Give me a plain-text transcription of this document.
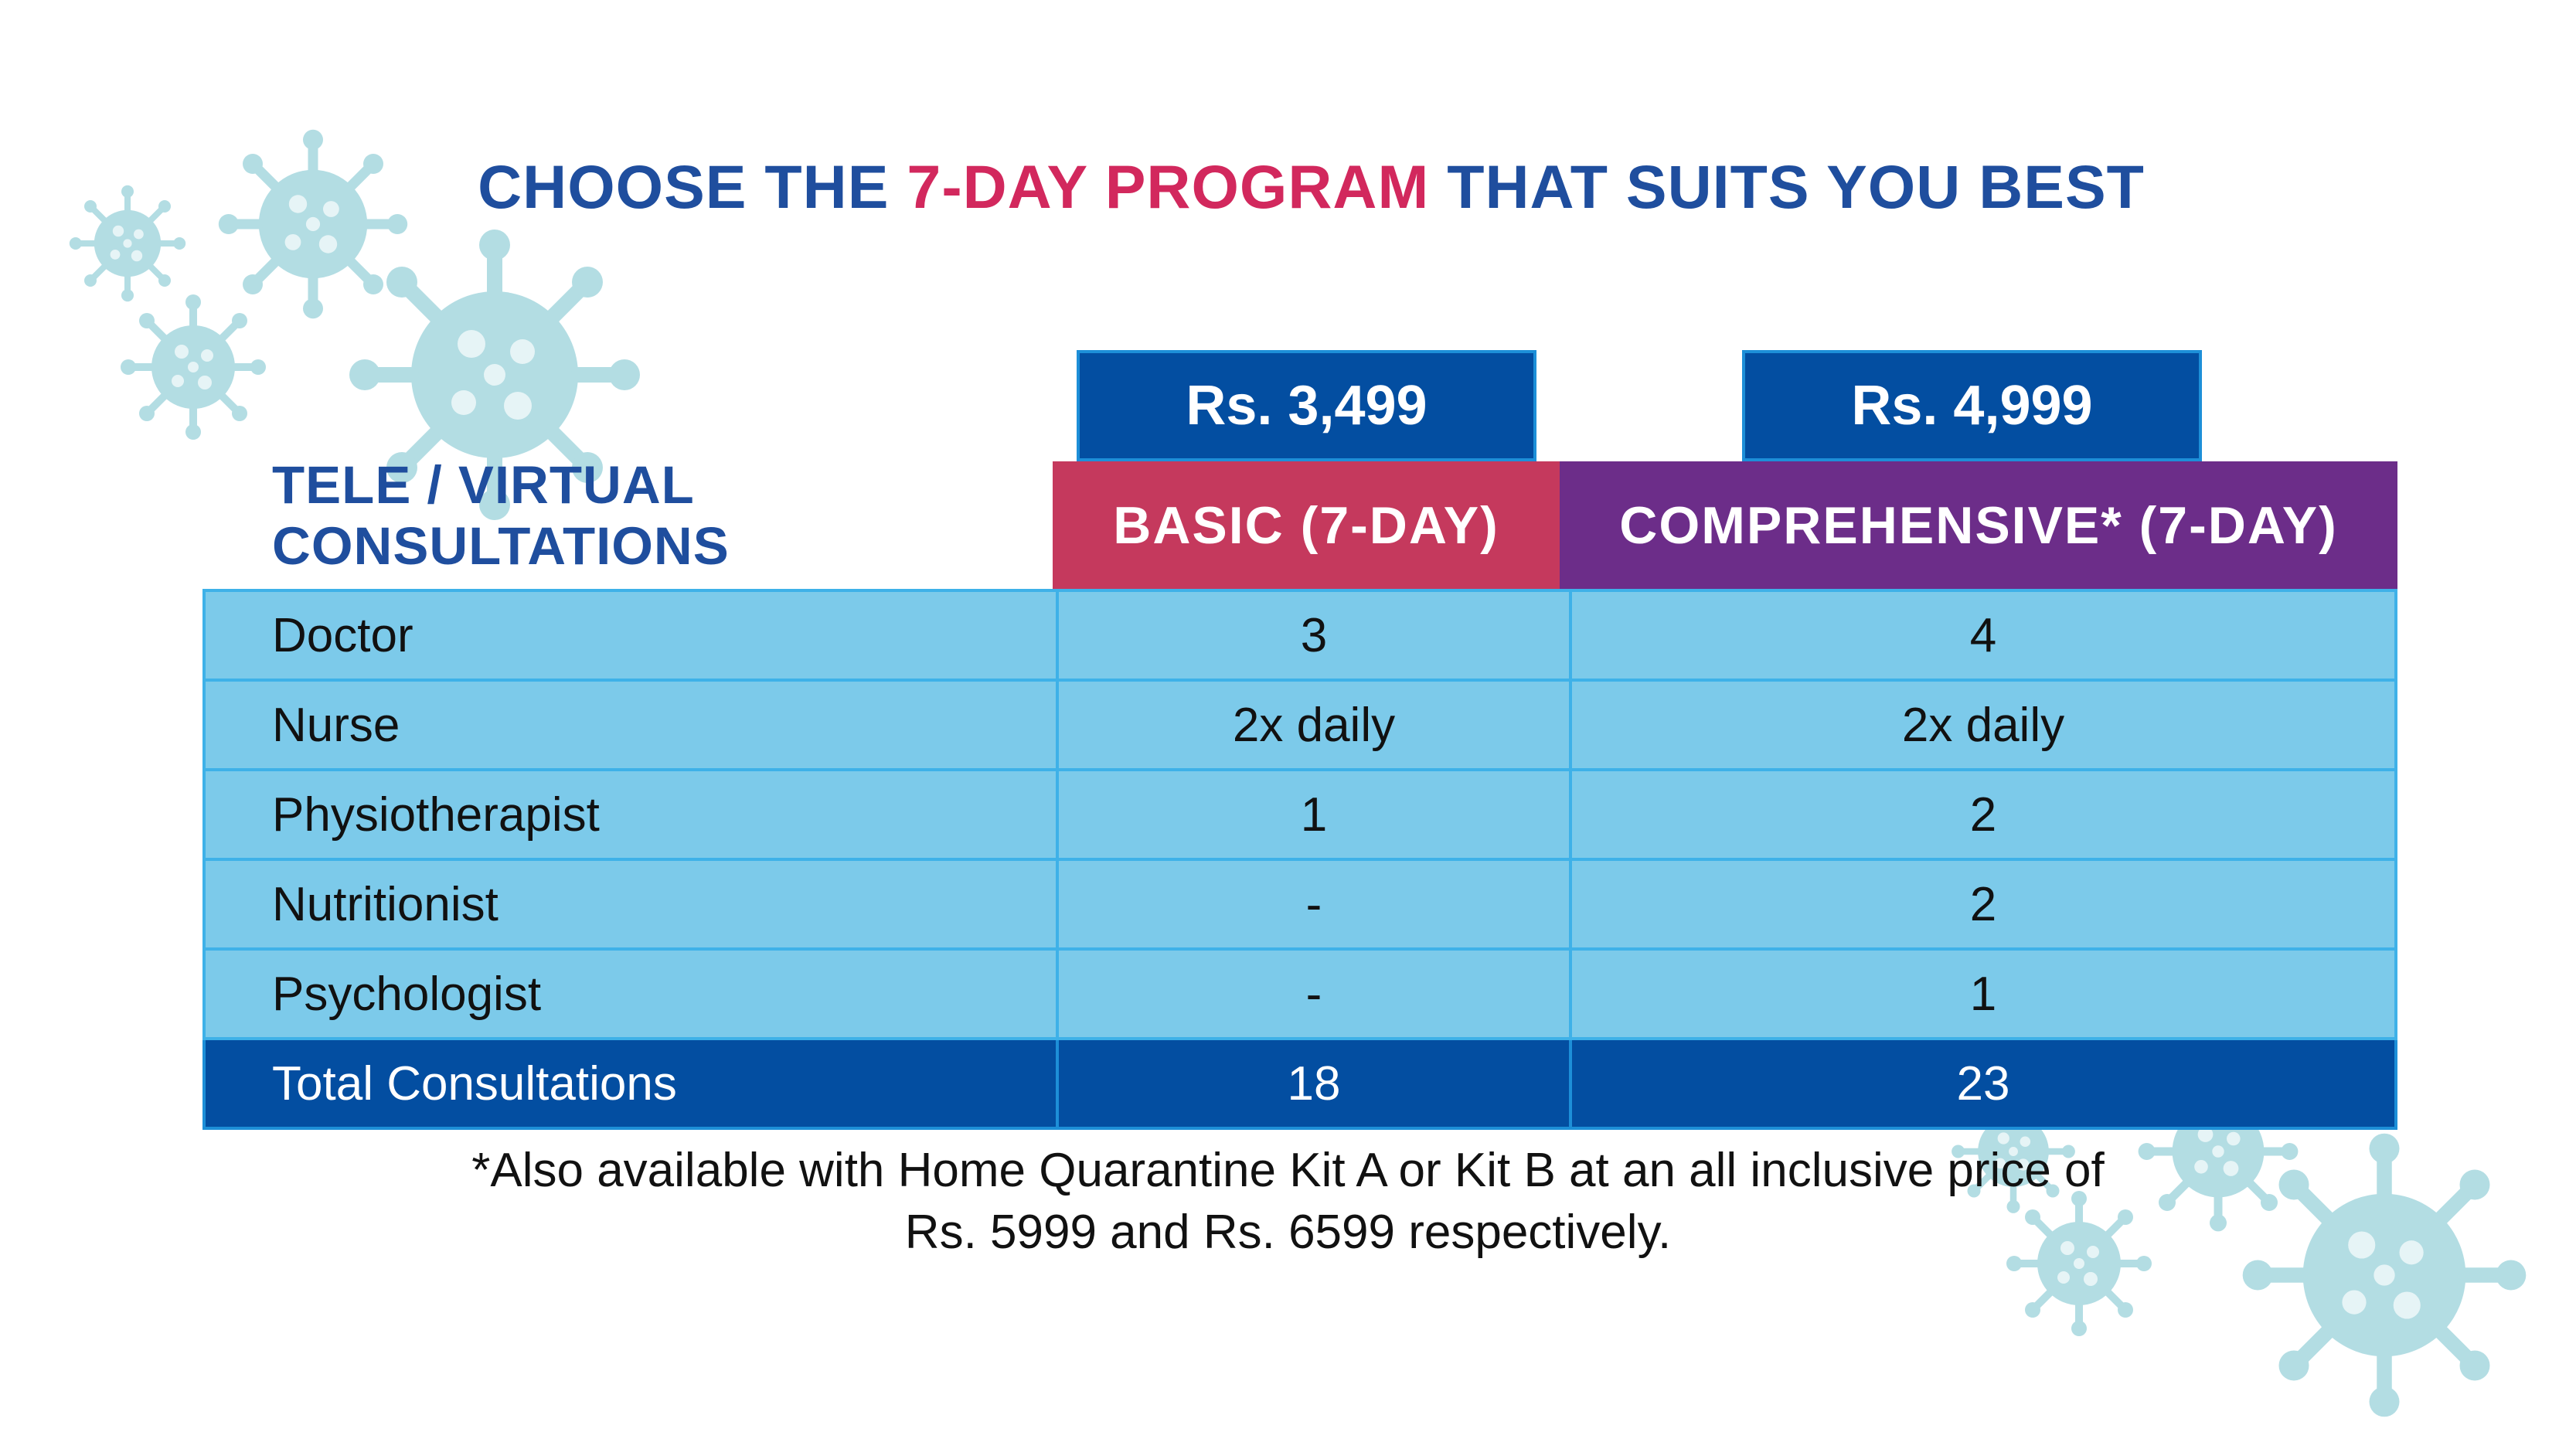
CHOOSE THE 7-DAY PROGRAM THAT SUITS YOU BEST
Rs. 3,499	Rs. 4,999
BASIC (7-DAY)	COMPREHENSIVE* (7-DAY)
TELE / VIRTUAL
CONSULTATIONS
Doctor	3	4
Nurse	2x daily	2x daily
Physiotherapist	1	2
Nutritionist	-	2
Psychologist	-	1
Total Consultations	18	23
*Also available with Home Quarantine Kit A or Kit B at an all inclusive price of
Rs. 5999 and Rs. 6599 respectively.
